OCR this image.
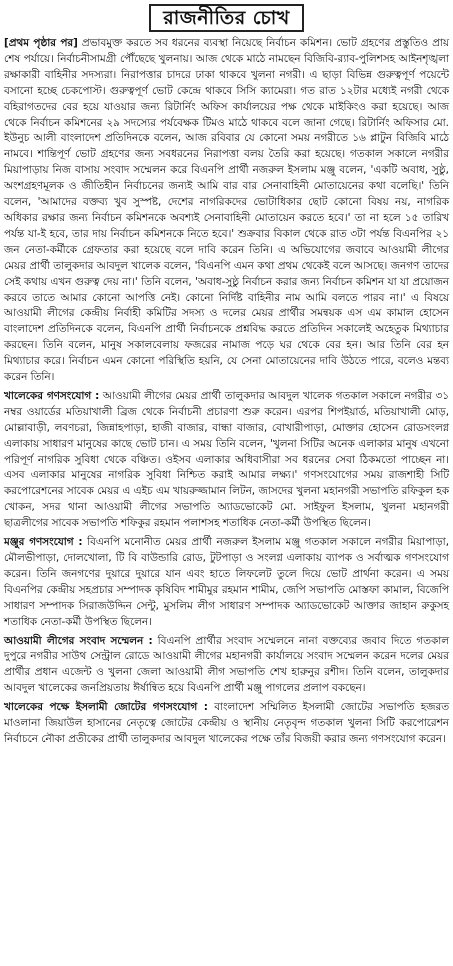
রাজনীতির চোখ

[প্রথম পৃষ্ঠার পর] প্রভাবমুক্ত করতে সব ধরনের ব্যবস্থা নিয়েছে নির্বাচন কমিশন। ভোট গ্রহণের প্রস্তুতিও প্রায় শেষ পর্যায়ে। নির্বাচনীসামগ্রী পৌঁছেছে খুলনায়। আজ থেকে মাঠে নামছেন বিজিবি-র‌্যাব-পুলিশসহ আইনশৃঙ্খলা রক্ষাকারী বাহিনীর সদস্যরা। নিরাপত্তার চাদরে ঢাকা থাকবে খুলনা নগরী। এ ছাড়া বিভিন্ন গুরুত্বপূর্ণ পয়েন্টে বসানো হচ্ছে চেকপোস্ট। গুরুত্বপূর্ণ ভোট কেন্দ্রে থাকবে সিসি ক্যামেরা। গত রাত ১২টার মধ্যেই নগরী থেকে বহিরাগতদের বের হয়ে যাওয়ার জন্য রিটার্নিং অফিস কার্যালয়ের পক্ষ থেকে মাইকিংও করা হয়েছে। আজ থেকে নির্বাচন কমিশনের ২৯ সদস্যের পর্যবেক্ষক টিমও মাঠে থাকবে বলে জানা গেছে। রিটার্নিং অফিসার মো. ইউনুচ আলী বাংলাদেশ প্রতিদিনকে বলেন, আজ রবিবার যে কোনো সময় নগরীতে ১৬ প্লাটুন বিজিবি মাঠে নামবে। শান্তিপূর্ণ ভোট গ্রহণের জন্য সবধরনের নিরাপত্তা বলয় তৈরি করা হয়েছে। গতকাল সকালে নগরীর মিয়াপাড়ায় নিজ বাসায় সংবাদ সম্মেলন করে বিএনপি প্রার্থী নজরুল ইসলাম মঞ্জু বলেন, 'একটি অবাধ, সুষ্ঠু, অংশগ্রহণমূলক ও জীতিহীন নির্বাচনের জন্যই আমি বার বার সেনাবাহিনী মোতায়েনের কথা বলেছি।' তিনি বলেন, 'আমাদের বক্তব্য খুব সুস্পষ্ট, দেশের নাগরিকদের ভোটাধিকার ছোট কোনো বিষয় নয়, নাগরিক অধিকার রক্ষার জন্য নির্বাচন কমিশনকে অবশ্যই সেনাবাহিনী মোতায়েন করতে হবে।' তা না হলে ১৫ তারিখ পর্যন্ত যা-ই হবে, তার দায় নির্বাচন কমিশনকে নিতে হবে।' শুক্রবার বিকাল থেকে রাত ৩টা পর্যন্ত বিএনপির ২১ জন নেতা-কর্মীকে গ্রেফতার করা হয়েছে বলে দাবি করেন তিনি। এ অভিযোগের জবাবে আওয়ামী লীগের মেয়র প্রার্থী তালুকদার আবদুল খালেক বলেন, 'বিএনপি এমন কথা প্রথম থেকেই বলে আসছে। জনগণ তাদের সেই কথায় এখন গুরুত্ব দেয় না।' তিনি বলেন, 'অবাধ-সুষ্ঠু নির্বাচন করার জন্য নির্বাচন কমিশন যা যা প্রয়োজন করবে তাতে আমার কোনো আপত্তি নেই। কোনো নির্দিষ্ট বাহিনীর নাম আমি বলতে পারব না।' এ বিষয়ে আওয়ামী লীগের কেন্দ্রীয় নির্বাহী কমিটির সদস্য ও দলের মেয়র প্রার্থীর সমন্বয়ক এস এম কামাল হোসেন বাংলাদেশ প্রতিদিনকে বলেন, বিএনপি প্রার্থী নির্বাচনকে প্রশ্নবিদ্ধ করতে প্রতিদিন সকালেই অহেতুক মিথ্যাচার করছেন। তিনি বলেন, মানুষ সকালবেলায় ফজরের নামাজ পড়ে ঘর থেকে বের হন। আর তিনি বের হন মিথ্যাচার করে। নির্বাচন এমন কোনো পরিস্থিতি হয়নি, যে সেনা মোতায়েনের দাবি উঠতে পারে, বলেও মন্তব্য করেন তিনি।

খালেকের গণসংযোগ : আওয়ামী লীগের মেয়র প্রার্থী তালুকদার আবদুল খালেক গতকাল সকালে নগরীর ৩১ নম্বর ওয়ার্ডের মতিয়াখালী ব্রিজ থেকে নির্বাচনী প্রচারণা শুরু করেন। এরপর শিপইয়ার্ড, মতিয়াখালী মোড়, মোল্লাবাড়ী, লবণচরা, জিন্নাহপাড়া, হাজী বাজার, বান্ধা বাজার, বোখারীপাড়া, মোক্তার হোসেন রোডসংলগ্ন এলাকায় সাধারণ মানুষের কাছে ভোট চান। এ সময় তিনি বলেন, 'খুলনা সিটির অনেক এলাকার মানুষ এখনো পরিপূর্ণ নাগরিক সুবিধা থেকে বঞ্চিত। ওইসব এলাকার অধিবাসীরা সব ধরনের সেবা ঠিকমতো পাচ্ছেন না। এসব এলাকার মানুষের নাগরিক সুবিধা নিশ্চিত করাই আমার লক্ষ্য।' গণসংযোগের সময় রাজশাহী সিটি করপোরেশনের সাবেক মেয়র এ এইচ এম খায়রুজ্জামান লিটন, জাসদের খুলনা মহানগরী সভাপতি রফিকুল হক খোকন, সদর থানা আওয়ামী লীগের সভাপতি অ্যাডভোকেট মো. সাইফুল ইসলাম, খুলনা মহানগরী ছাত্রলীগের সাবেক সভাপতি শফিকুর রহমান পলাশসহ শতাধিক নেতা-কর্মী উপস্থিত ছিলেন।

মঞ্জুর গণসংযোগ : বিএনপি মনোনীত মেয়র প্রার্থী নজরুল ইসলাম মঞ্জু গতকাল সকালে নগরীর মিয়াপাড়া, মৌলভীপাড়া, দোলখোলা, টি বি বাউন্ডারি রোড, টুটপাড়া ও সংলগ্ন এলাকায় ব্যাপক ও সর্বাত্মক গণসংযোগ করেন। তিনি জনগণের দুয়ারে দুয়ারে যান এবং হাতে লিফলেট তুলে দিয়ে ভোট প্রার্থনা করেন। এ সময় বিএনপির কেন্দ্রীয় সহপ্রচার সম্পাদক কৃষিবিদ শামীমুর রহমান শামীম, জেপি সভাপতি মোস্তফা কামাল, বিজেপি সাধারণ সম্পাদক সিরাজউদ্দিন সেন্টু, মুসলিম লীগ সাধারণ সম্পাদক অ্যাডভোকেট আক্তার জাহান রুকুসহ শতাধিক নেতা-কর্মী উপস্থিত ছিলেন।

আওয়ামী লীগের সংবাদ সম্মেলন : বিএনপি প্রার্থীর সংবাদ সম্মেলনে নানা বক্তব্যের জবাব দিতে গতকাল দুপুরে নগরীর সাউথ সেন্ট্রাল রোডে আওয়ামী লীগের মহানগরী কার্যালয়ে সংবাদ সম্মেলন করেন দলের মেয়র প্রার্থীর প্রধান এজেন্ট ও খুলনা জেলা আওয়ামী লীগ সভাপতি শেখ হারুনুর রশীদ। তিনি বলেন, তালুকদার আবদুল খালেকের জনপ্রিয়তায় ঈর্ষান্বিত হয়ে বিএনপি প্রার্থী মঞ্জু পাগলের প্রলাপ বকছেন।

খালেকের পক্ষে ইসলামী জোটের গণসংযোগ : বাংলাদেশ সম্মিলিত ইসলামী জোটের সভাপতি হজরত মাওলানা জিয়াউল হাসানের নেতৃত্বে জোটের কেন্দ্রীয় ও স্থানীয় নেতৃবৃন্দ গতকাল খুলনা সিটি করপোরেশন নির্বাচনে নৌকা প্রতীকের প্রার্থী তালুকদার আবদুল খালেকের পক্ষে তাঁর বিজয়ী করার জন্য গণসংযোগ করেন।
